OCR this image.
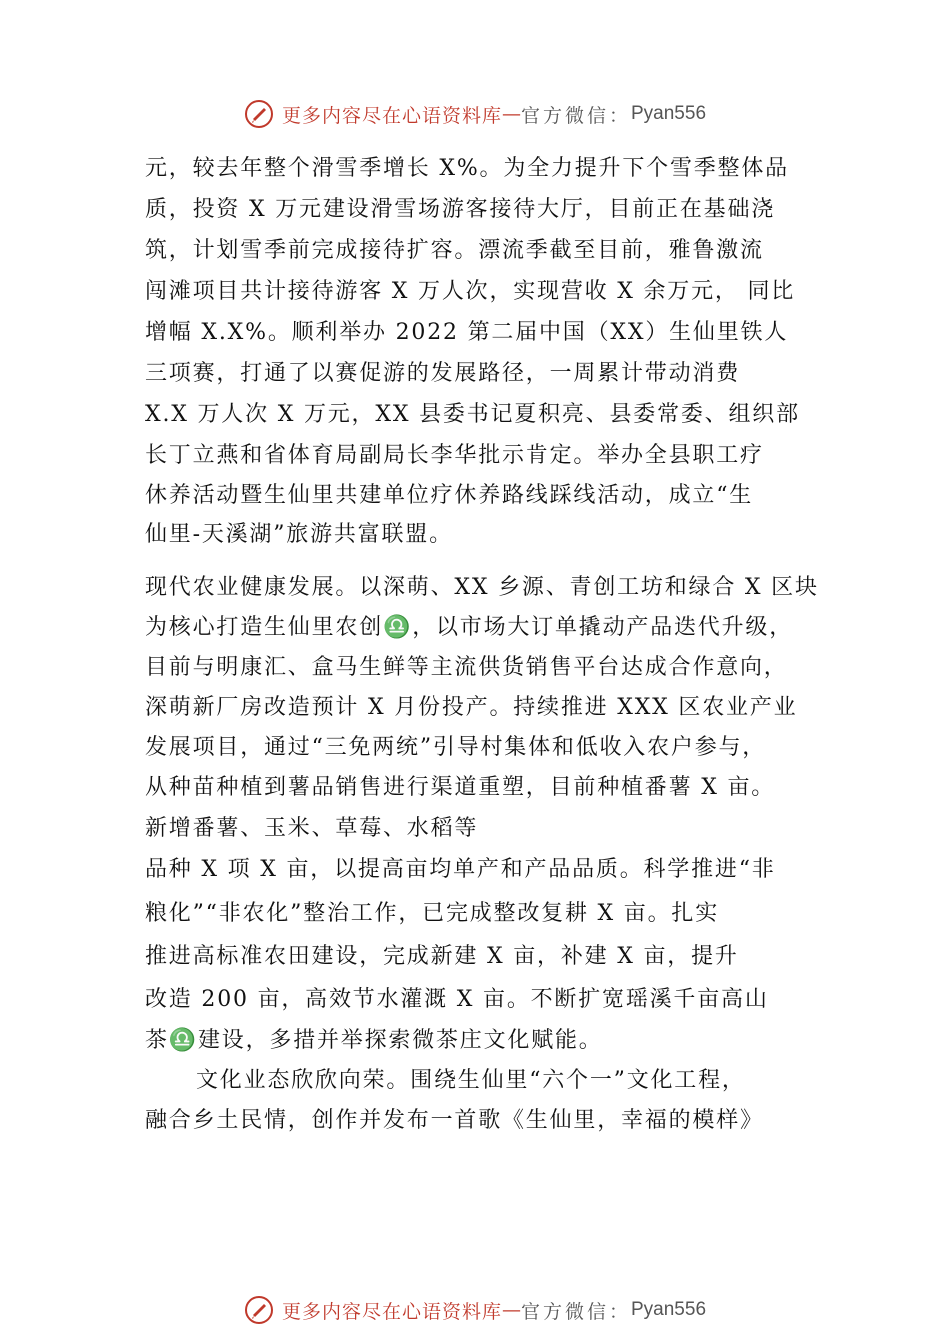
更多内容尽在心语资料库 — 官方微信： Pyan556
元，较去年整个滑雪季增长 X%。为全力提升下个雪季整体品
质，投资 X 万元建设滑雪场游客接待大厅，目前正在基础浇
筑，计划雪季前完成接待扩容。漂流季截至目前，雅鲁激流
闯滩项目共计接待游客 X 万人次，实现营收 X 余万元， 同比
增幅 X.X%。顺利举办 2022 第二届中国（XX）生仙里铁人
三项赛，打通了以赛促游的发展路径，一周累计带动消费
X.X 万人次 X 万元，XX 县委书记夏积亮、县委常委、组织部
长丁立燕和省体育局副局长李华批示肯定。举办全县职工疗
休养活动暨生仙里共建单位疗休养路线踩线活动，成立“生
仙里-天溪湖”旅游共富联盟。
现代农业健康发展。以深萌、XX 乡源、青创工坊和绿合 X 区块
为核心打造生仙里农创♎，以市场大订单撬动产品迭代升级，
目前与明康汇、盒马生鲜等主流供货销售平台达成合作意向，
深萌新厂房改造预计 X 月份投产。持续推进 XXX 区农业产业
发展项目，通过“三免两统”引导村集体和低收入农户参与，
从种苗种植到薯品销售进行渠道重塑，目前种植番薯 X 亩。
新增番薯、玉米、草莓、水稻等
品种 X 项 X 亩，以提高亩均单产和产品品质。科学推进“非
粮化”“非农化”整治工作，已完成整改复耕 X 亩。扎实
推进高标准农田建设，完成新建 X 亩，补建 X 亩，提升
改造 200 亩，高效节水灌溉 X 亩。不断扩宽瑶溪千亩高山
茶♎建设，多措并举探索微茶庄文化赋能。
文化业态欣欣向荣。围绕生仙里“六个一”文化工程，
融合乡土民情，创作并发布一首歌《生仙里，幸福的模样》
更多内容尽在心语资料库 — 官方微信： Pyan556
